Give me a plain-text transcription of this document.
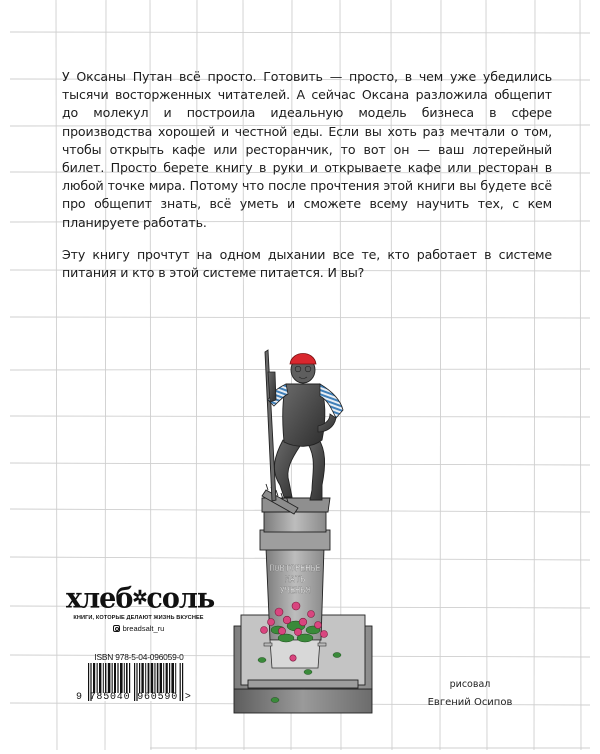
У Оксаны Путан всё просто. Готовить — просто, в чем уже убедились тысячи восторженных читателей. А сейчас Оксана разложила общепит до молекул и построила идеальную модель бизнеса в сфере производства хорошей и честной еды. Если вы хоть раз мечтали о том, чтобы открыть кафе или ресторанчик, то вот он — ваш лотерейный билет. Просто берете книгу в руки и открываете кафе или ресторан в любой точке мира. Потому что после прочтения этой книги вы будете всё про общепит знать, всё уметь и сможете всему научить тех, с кем планируете работать.

Эту книгу прочтут на одном дыхании все те, кто работает в системе питания и кто в этой системе питается. И вы?

ПОВТОРЕНЬЕ
МАТЬ
УЧЕНЬЯ
хлеб✲соль
КНИГИ, КОТОРЫЕ ДЕЛАЮТ ЖИЗНЬ ВКУСНЕЕ
breadsalt_ru
ISBN 978-5-04-096059-0
9 785040 960590 >
рисовал
Евгений Осипов
